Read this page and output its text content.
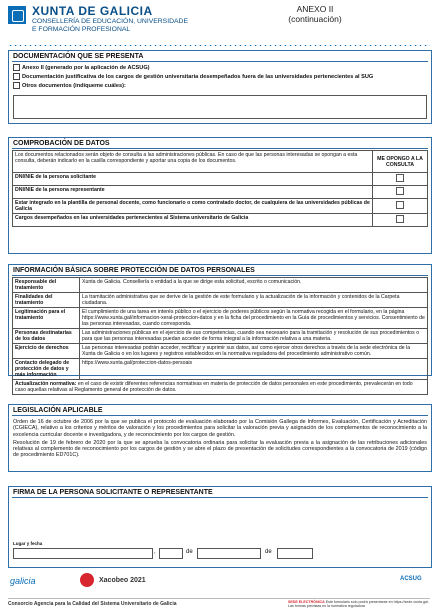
XUNTA DE GALICIA
CONSELLERÍA DE EDUCACIÓN, UNIVERSIDADE
E FORMACIÓN PROFESIONAL
ANEXO II
(continuación)
DOCUMENTACIÓN QUE SE PRESENTA
Anexo II (generado por la aplicación de ACSUG)
Documentación justificativa de los cargos de gestión universitaria desempeñados fuera de las universidades pertenecientes al SUG
Otros documentos (indíqueme cuáles):
COMPROBACIÓN DE DATOS
Los documentos relacionados serán objeto de consulta a las administraciones públicas. En caso de que las personas interesadas se opongan a esta consulta, deberán indicarlo en la casilla correspondiente y aportar una copia de los documentos.	ME OPONGO A LA CONSULTA
DNI/NIE de la persona solicitante	
DNI/NIE de la persona representante	
Estar integrado en la plantilla de personal docente, como funcionario o como contratado doctor, de cualquiera de las universidades públicas de Galicia	
Cargos desempeñados en las universidades pertenecientes al Sistema universitario de Galicia	
INFORMACIÓN BÁSICA SOBRE PROTECCIÓN DE DATOS PERSONALES
Responsable del tratamiento	Xunta de Galicia. Consellería o entidad a la que se dirige esta solicitud, escrito o comunicación.
Finalidades del tratamiento	La tramitación administrativa que se derive de la gestión de este formulario y la actualización de la información y contenidos de la Carpeta ciudadana.
Legitimación para el tratamiento	El cumplimiento de una tarea en interés público o el ejercicio de poderes públicos según la normativa recogida en el formulario, en la página https://www.xunta.gal/informacion-xeral-proteccion-datos y en la ficha del procedimiento en la Guía de procedimientos y servicios. Consentimiento de las personas interesadas, cuando corresponda.
Personas destinatarias de los datos	Las administraciones públicas en el ejercicio de sus competencias, cuando sea necesario para la tramitación y resolución de sus procedimientos o para que las personas interesadas puedan acceder de forma integral a la información relativa a una materia.
Ejercicio de derechos	Las personas interesadas podrán acceder, rectificar y suprimir sus datos, así como ejercer otros derechos a través de la sede electrónica de la Xunta de Galicia o en los lugares y registros establecidos en la normativa reguladora del procedimiento administrativo común.
Contacto delegado de protección de datos y más información	https://www.xunta.gal/proteccion-datos-persoais
Actualización normativa: en el caso de existir diferentes referencias normativas en materia de protección de datos personales en este procedimiento, prevalecerán en todo caso aquellas relativas al Reglamento general de protección de datos.	
LEGISLACIÓN APLICABLE

Orden de 16 de octubre de 2006 por la que se publica el protocolo de evaluación elaborado por la Comisión Gallega de Informes, Evaluación, Certificación y Acreditación (CGIECA), relativo a los criterios y méritos de valoración y los procedimientos para solicitar la valoración previa y asignación de los complementos de reconocimiento a la excelencia curricular docente e investigadora, y de reconocimiento por los cargos de gestión.

Resolución de 19 de febrero de 2020 por la que se aprueba la convocatoria ordinaria para solicitar la evaluación previa a la asignación de las retribuciones adicionales relativas al complemento de reconocimiento por los cargos de gestión y se abre el plazo de presentación de solicitudes correspondientes a la convocatoria de 2019 (código de procedimiento ED701C).

FIRMA DE LA PERSONA SOLICITANTE O REPRESENTANTE
Lugar y fecha
,	de	de
galicia	Xacobeo 2021	ACSUG
Consorcio Agencia para la Calidad del Sistema Universitario de Galicia	SEDE ELECTRÓNICA Este formulario solo podrá presentarse en https://sede.xunta.gal. Las formas previstas en la normativa reguladora
